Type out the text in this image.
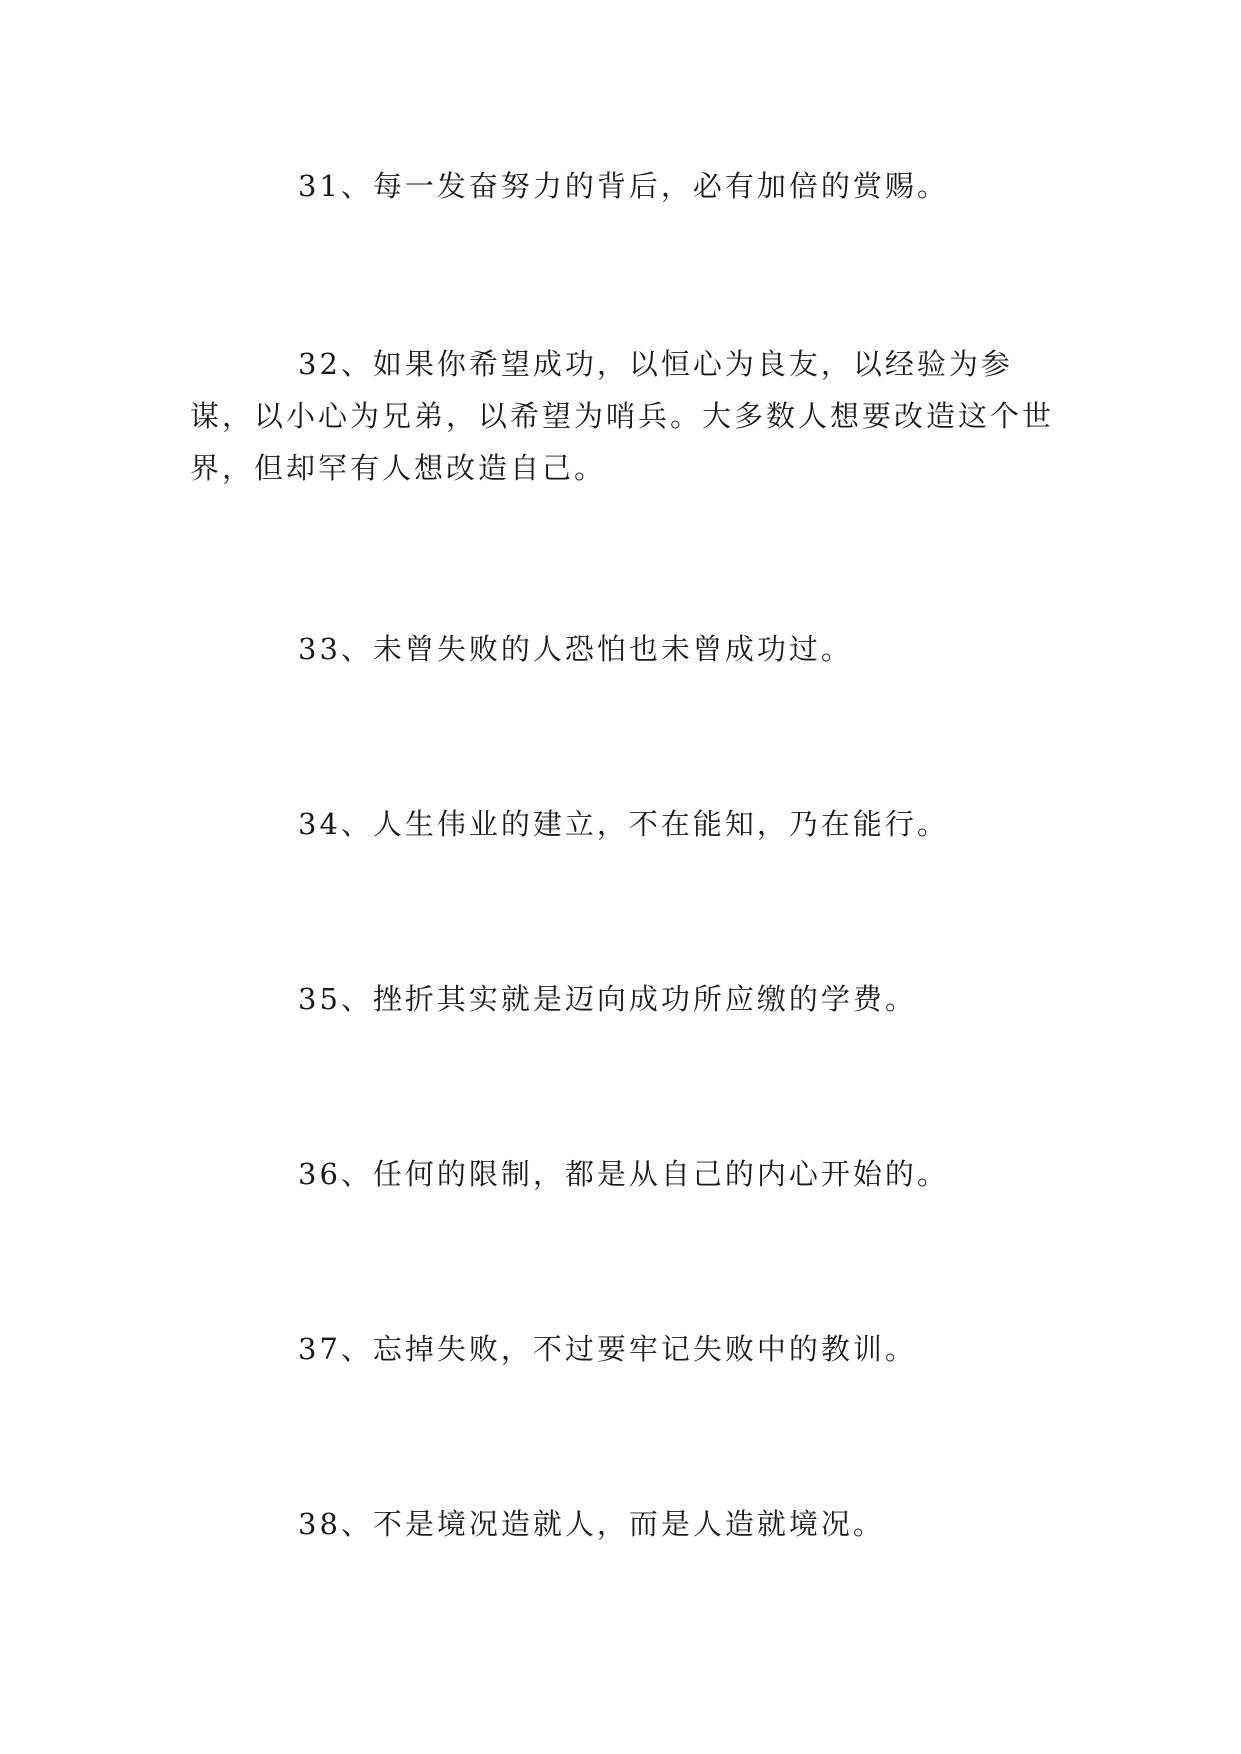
31、每一发奋努力的背后，必有加倍的赏赐。

32、如果你希望成功，以恒心为良友，以经验为参谋，以小心为兄弟，以希望为哨兵。大多数人想要改造这个世界，但却罕有人想改造自己。

33、未曾失败的人恐怕也未曾成功过。

34、人生伟业的建立，不在能知，乃在能行。

35、挫折其实就是迈向成功所应缴的学费。

36、任何的限制，都是从自己的内心开始的。

37、忘掉失败，不过要牢记失败中的教训。

38、不是境况造就人，而是人造就境况。
